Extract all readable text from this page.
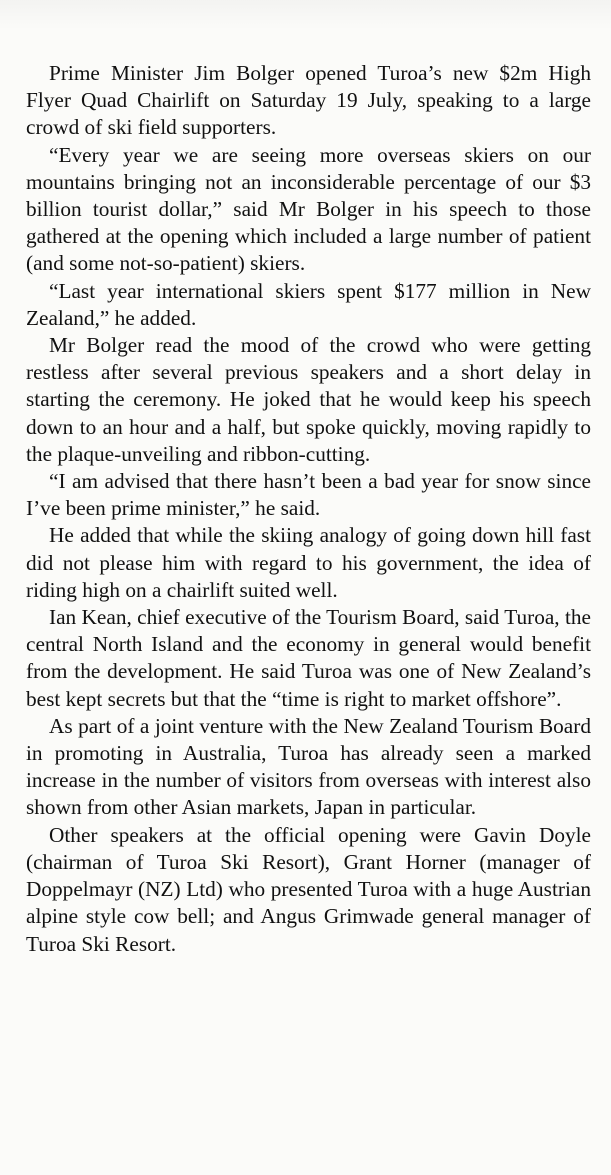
Prime Minister Jim Bolger opened Turoa’s new $2m High Flyer Quad Chairlift on Saturday 19 July, speaking to a large crowd of ski field supporters.

“Every year we are seeing more overseas skiers on our mountains bringing not an inconsiderable percentage of our $3 billion tourist dollar,” said Mr Bolger in his speech to those gathered at the opening which included a large number of patient (and some not-so-patient) skiers.

“Last year international skiers spent $177 million in New Zealand,” he added.

Mr Bolger read the mood of the crowd who were getting restless after several previous speakers and a short delay in starting the ceremony. He joked that he would keep his speech down to an hour and a half, but spoke quickly, moving rapidly to the plaque-unveiling and ribbon-cutting.

“I am advised that there hasn’t been a bad year for snow since I’ve been prime minister,” he said.

He added that while the skiing analogy of going down hill fast did not please him with regard to his government, the idea of riding high on a chairlift suited well.

Ian Kean, chief executive of the Tourism Board, said Turoa, the central North Island and the economy in general would benefit from the development. He said Turoa was one of New Zealand’s best kept secrets but that the “time is right to market offshore”.

As part of a joint venture with the New Zealand Tourism Board in promoting in Australia, Turoa has already seen a marked increase in the number of visitors from overseas with interest also shown from other Asian markets, Japan in particular.

Other speakers at the official opening were Gavin Doyle (chairman of Turoa Ski Resort), Grant Horner (manager of Doppelmayr (NZ) Ltd) who presented Turoa with a huge Austrian alpine style cow bell; and Angus Grimwade general manager of Turoa Ski Resort.
